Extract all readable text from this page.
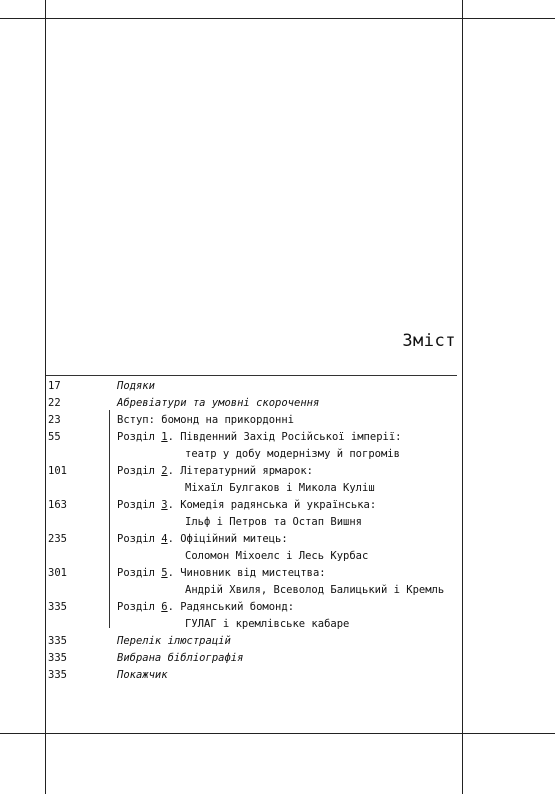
Зміст
17	Подяки
22	Абревіатури та умовні скорочення
23	Вступ: бомонд на прикордонні
55	Розділ 1. Південний Захід Російської імперії:
театр у добу модернізму й погромів
101	Розділ 2. Літературний ярмарок:
Міхаїл Булгаков і Микола Куліш
163	Розділ 3. Комедія радянська й українська:
Ільф і Петров та Остап Вишня
235	Розділ 4. Офіційний митець:
Соломон Міхоелс і Лесь Курбас
301	Розділ 5. Чиновник від мистецтва:
Андрій Хвиля, Всеволод Балицький і Кремль
335	Розділ 6. Радянський бомонд:
ГУЛАГ і кремлівське кабаре
335	Перелік ілюстрацій
335	Вибрана бібліографія
335	Покажчик
